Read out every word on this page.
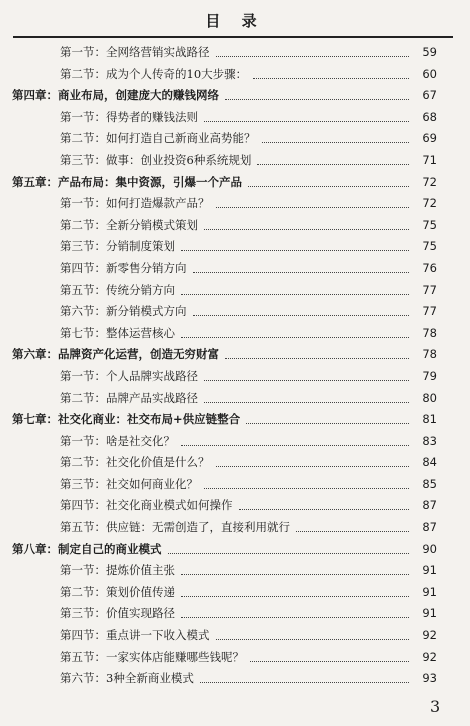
目 录
第一节：全网络营销实战路径	59
第二节：成为个人传奇的10大步骤：	60
第四章：商业布局，创建庞大的赚钱网络	67
第一节：得势者的赚钱法则	68
第二节：如何打造自己新商业高势能？	69
第三节：做事：创业投资6种系统规划	71
第五章：产品布局：集中资源，引爆一个产品	72
第一节：如何打造爆款产品？	72
第二节：全新分销模式策划	75
第三节：分销制度策划	75
第四节：新零售分销方向	76
第五节：传统分销方向	77
第六节：新分销模式方向	77
第七节：整体运营核心	78
第六章：品牌资产化运营，创造无穷财富	78
第一节：个人品牌实战路径	79
第二节：品牌产品实战路径	80
第七章：社交化商业：社交布局+供应链整合	81
第一节：啥是社交化？	83
第二节：社交化价值是什么？	84
第三节：社交如何商业化？	85
第四节：社交化商业模式如何操作	87
第五节：供应链：无需创造了，直接利用就行	87
第八章：制定自己的商业模式	90
第一节：提炼价值主张	91
第二节：策划价值传递	91
第三节：价值实现路径	91
第四节：重点讲一下收入模式	92
第五节：一家实体店能赚哪些钱呢？	92
第六节：3种全新商业模式	93
3
